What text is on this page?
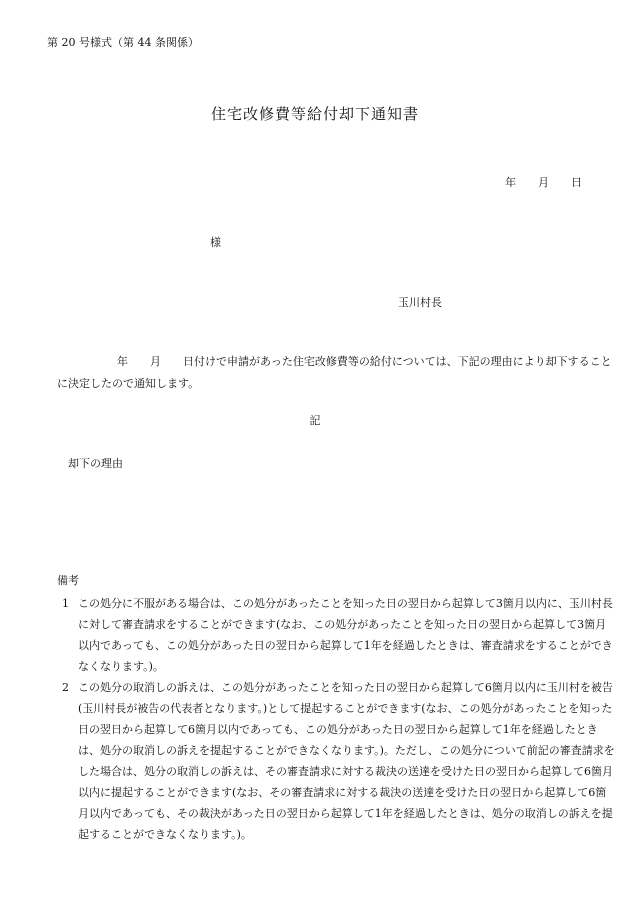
第 20 号様式（第 44 条関係）
住宅改修費等給付却下通知書
年 月 日
様
玉川村長

年 月 日付けで申請があった住宅改修費等の給付については、下記の理由により却下することに決定したので通知します。

記
却下の理由
備考
1 この処分に不服がある場合は、この処分があったことを知った日の翌日から起算して3箇月以内に、玉川村長に対して審査請求をすることができます(なお、この処分があったことを知った日の翌日から起算して3箇月以内であっても、この処分があった日の翌日から起算して1年を経過したときは、審査請求をすることができなくなります。)。
2 この処分の取消しの訴えは、この処分があったことを知った日の翌日から起算して6箇月以内に玉川村を被告(玉川村長が被告の代表者となります。)として提起することができます(なお、この処分があったことを知った日の翌日から起算して6箇月以内であっても、この処分があった日の翌日から起算して1年を経過したときは、処分の取消しの訴えを提起することができなくなります。)。ただし、この処分について前記の審査請求をした場合は、処分の取消しの訴えは、その審査請求に対する裁決の送達を受けた日の翌日から起算して6箇月以内に提起することができます(なお、その審査請求に対する裁決の送達を受けた日の翌日から起算して6箇月以内であっても、その裁決があった日の翌日から起算して1年を経過したときは、処分の取消しの訴えを提起することができなくなります。)。
